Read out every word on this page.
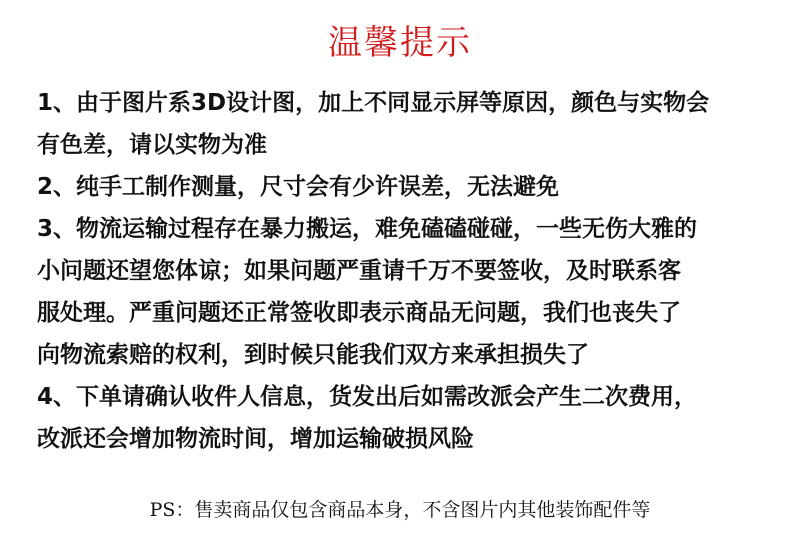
温馨提示
1、由于图片系3D设计图，加上不同显示屏等原因，颜色与实物会
有色差，请以实物为准
2、纯手工制作测量，尺寸会有少许误差，无法避免
3、物流运输过程存在暴力搬运，难免磕磕碰碰，一些无伤大雅的
小问题还望您体谅；如果问题严重请千万不要签收，及时联系客
服处理。严重问题还正常签收即表示商品无问题，我们也丧失了
向物流索赔的权利，到时候只能我们双方来承担损失了
4、下单请确认收件人信息，货发出后如需改派会产生二次费用，
改派还会增加物流时间，增加运输破损风险
PS：售卖商品仅包含商品本身，不含图片内其他装饰配件等
